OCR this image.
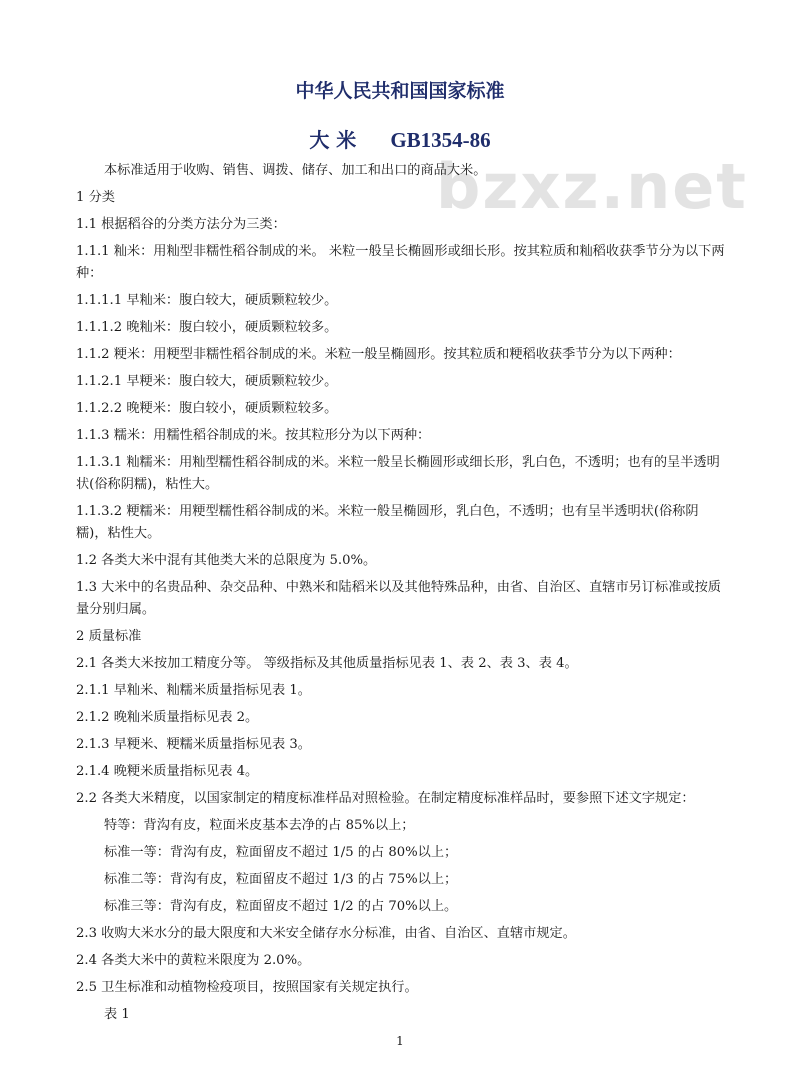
中华人民共和国国家标准
大 米 GB1354-86
bzxz.net
本标准适用于收购、销售、调拨、储存、加工和出口的商品大米。
1 分类
1.1 根据稻谷的分类方法分为三类：
1.1.1 籼米：用籼型非糯性稻谷制成的米。 米粒一般呈长椭圆形或细长形。按其粒质和籼稻收获季节分为以下两种：
1.1.1.1 早籼米：腹白较大，硬质颗粒较少。
1.1.1.2 晚籼米：腹白较小，硬质颗粒较多。
1.1.2 粳米：用粳型非糯性稻谷制成的米。米粒一般呈椭圆形。按其粒质和粳稻收获季节分为以下两种：
1.1.2.1 早粳米：腹白较大，硬质颗粒较少。
1.1.2.2 晚粳米：腹白较小，硬质颗粒较多。
1.1.3 糯米：用糯性稻谷制成的米。按其粒形分为以下两种：
1.1.3.1 籼糯米：用籼型糯性稻谷制成的米。米粒一般呈长椭圆形或细长形，乳白色，不透明；也有的呈半透明状(俗称阴糯)，粘性大。
1.1.3.2 粳糯米：用粳型糯性稻谷制成的米。米粒一般呈椭圆形，乳白色，不透明；也有呈半透明状(俗称阴糯)，粘性大。
1.2 各类大米中混有其他类大米的总限度为 5.0%。
1.3 大米中的名贵品种、杂交品种、中熟米和陆稻米以及其他特殊品种，由省、自治区、直辖市另订标准或按质量分别归属。
2 质量标准
2.1 各类大米按加工精度分等。 等级指标及其他质量指标见表 1、表 2、表 3、表 4。
2.1.1 早籼米、籼糯米质量指标见表 1。
2.1.2 晚籼米质量指标见表 2。
2.1.3 早粳米、粳糯米质量指标见表 3。
2.1.4 晚粳米质量指标见表 4。
2.2 各类大米精度，以国家制定的精度标准样品对照检验。在制定精度标准样品时，要参照下述文字规定：
特等：背沟有皮，粒面米皮基本去净的占 85%以上；
标准一等：背沟有皮，粒面留皮不超过 1/5 的占 80%以上；
标准二等：背沟有皮，粒面留皮不超过 1/3 的占 75%以上；
标准三等：背沟有皮，粒面留皮不超过 1/2 的占 70%以上。
2.3 收购大米水分的最大限度和大米安全储存水分标准，由省、自治区、直辖市规定。
2.4 各类大米中的黄粒米限度为 2.0%。
2.5 卫生标准和动植物检疫项目，按照国家有关规定执行。
表 1
1
